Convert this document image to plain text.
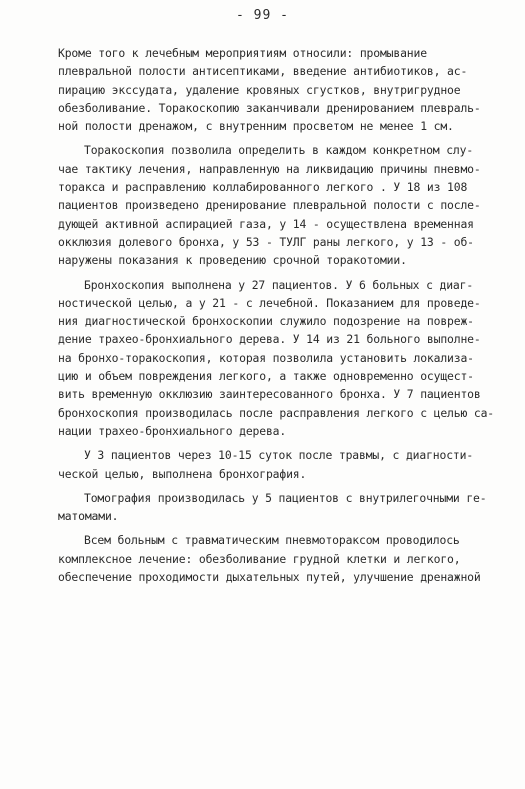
- 99 -
Кроме того к лечебным мероприятиям относили: промывание
плевральной полости антисептиками, введение антибиотиков, ас-
пирацию экссудата, удаление кровяных сгустков, внутригрудное
обезболивание. Торакоскопию заканчивали дренированием плевраль-
ной полости дренажом, с внутренним просветом не менее 1 см.
Торакоскопия позволила определить в каждом конкретном слу-
чае тактику лечения, направленную на ликвидацию причины пневмо-
торакса и расправлению коллабированного легкого . У 18 из 108
пациентов произведено дренирование плевральной полости с после-
дующей активной аспирацией газа, у 14 - осуществлена временная
окклюзия долевого бронха, у 53 - ТУЛГ раны легкого, у 13 - об-
наружены показания к проведению срочной торакотомии.
Бронхоскопия выполнена у 27 пациентов. У 6 больных с диаг-
ностической целью, а у 21 - с лечебной. Показанием для проведе-
ния диагностической бронхоскопии служило подозрение на повреж-
дение трахео-бронхиального дерева. У 14 из 21 больного выполне-
на бронхо-торакоскопия, которая позволила установить локализа-
цию и объем повреждения легкого, а также одновременно осущест-
вить временную окклюзию заинтересованного бронха. У 7 пациентов
бронхоскопия производилась после расправления легкого с целью са-
нации трахео-бронхиального дерева.
У 3 пациентов через 10-15 суток после травмы, с диагности-
ческой целью, выполнена бронхография.
Томография производилась у 5 пациентов с внутрилегочными ге-
матомами.
Всем больным с травматическим пневмотораксом проводилось
комплексное лечение: обезболивание грудной клетки и легкого,
обеспечение проходимости дыхательных путей, улучшение дренажной
